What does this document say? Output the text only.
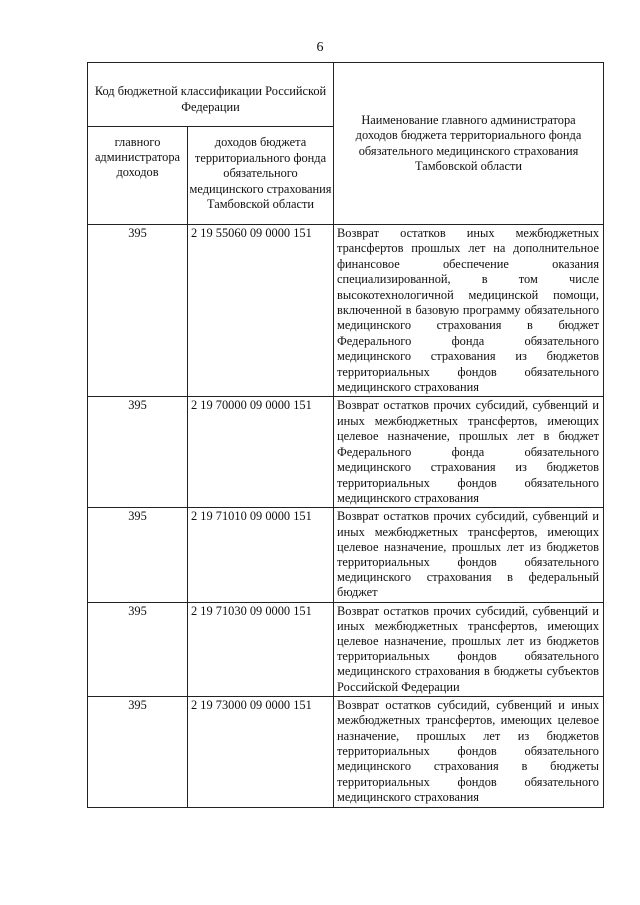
6
Код бюджетной классификации Российской Федерации		Наименование главного администратора доходов бюджета территориального фонда обязательного медицинского страхования Тамбовской области
главного администратора доходов	доходов бюджета территориального фонда обязательного медицинского страхования Тамбовской области	
395	2 19 55060 09 0000 151	Возврат остатков иных межбюджетных трансфертов прошлых лет на дополнительное финансовое обеспечение оказания специализированной, в том числе высокотехнологичной медицинской помощи, включенной в базовую программу обязательного медицинского страхования в бюджет Федерального фонда обязательного медицинского страхования из бюджетов территориальных фондов обязательного медицинского страхования
395	2 19 70000 09 0000 151	Возврат остатков прочих субсидий, субвенций и иных межбюджетных трансфертов, имеющих целевое назначение, прошлых лет в бюджет Федерального фонда обязательного медицинского страхования из бюджетов территориальных фондов обязательного медицинского страхования
395	2 19 71010 09 0000 151	Возврат остатков прочих субсидий, субвенций и иных межбюджетных трансфертов, имеющих целевое назначение, прошлых лет из бюджетов территориальных фондов обязательного медицинского страхования в федеральный бюджет
395	2 19 71030 09 0000 151	Возврат остатков прочих субсидий, субвенций и иных межбюджетных трансфертов, имеющих целевое назначение, прошлых лет из бюджетов территориальных фондов обязательного медицинского страхования в бюджеты субъектов Российской Федерации
395	2 19 73000 09 0000 151	Возврат остатков субсидий, субвенций и иных межбюджетных трансфертов, имеющих целевое назначение, прошлых лет из бюджетов территориальных фондов обязательного медицинского страхования в бюджеты территориальных фондов обязательного медицинского страхования
